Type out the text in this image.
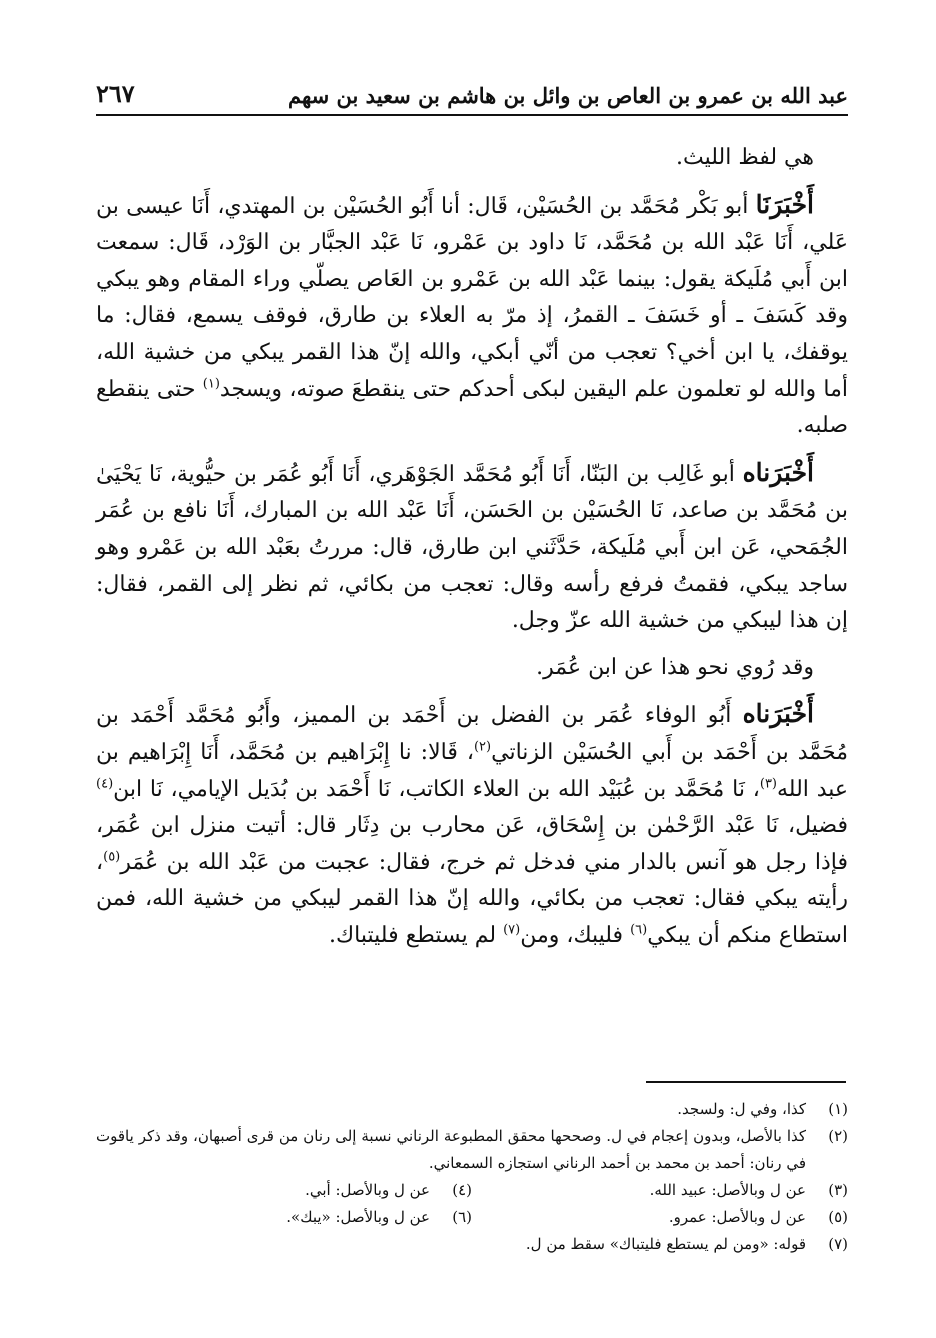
عبد الله بن عمرو بن العاص بن وائل بن هاشم بن سعيد بن سهم
٢٦٧

هي لفظ الليث.

أَخْبَرَنَا أبو بَكْر مُحَمَّد بن الحُسَيْن، قَال: أنا أَبُو الحُسَيْن بن المهتدي، أَنَا عيسى بن عَلي، أَنَا عَبْد الله بن مُحَمَّد، نَا داود بن عَمْرو، نَا عَبْد الجبَّار بن الوَرْد، قَال: سمعت ابن أَبي مُلَيكة يقول: بينما عَبْد الله بن عَمْرو بن العَاص يصلّي وراء المقام وهو يبكي وقد كَسَفَ ـ أو خَسَفَ ـ القمرُ، إذ مرّ به العلاء بن طارق، فوقف يسمع، فقال: ما يوقفك، يا ابن أخي؟ تعجب من أنّي أبكي، والله إنّ هذا القمر يبكي من خشية الله، أما والله لو تعلمون علم اليقين لبكى أحدكم حتى ينقطعَ صوته، ويسجد$^{(١)}$ حتى ينقطع صلبه.

أَخْبَرَناه أبو غَالِب بن البَنّا، أَنَا أَبُو مُحَمَّد الجَوْهَري، أَنَا أَبُو عُمَر بن حيُّوية، نَا يَحْيَىٰ بن مُحَمَّد بن صاعد، نَا الحُسَيْن بن الحَسَن، أَنَا عَبْد الله بن المبارك، أَنَا نافع بن عُمَر الجُمَحي، عَن ابن أَبي مُلَيكة، حَدَّثَني ابن طارق، قال: مررتُ بعَبْد الله بن عَمْرو وهو ساجد يبكي، فقمتُ فرفع رأسه وقال: تعجب من بكائي، ثم نظر إلى القمر، فقال: إن هذا ليبكي من خشية الله عزّ وجل.

وقد رُوي نحو هذا عن ابن عُمَر.

أَخْبَرَناه أَبُو الوفاء عُمَر بن الفضل بن أَحْمَد بن المميز، وأَبُو مُحَمَّد أَحْمَد بن مُحَمَّد بن أَحْمَد بن أَبي الحُسَيْن الزناتي$^{(٢)}$، قَالا: نا إِبْرَاهيم بن مُحَمَّد، أَنَا إِبْرَاهيم بن عبد الله$^{(٣)}$، نَا مُحَمَّد بن عُبَيْد الله بن العلاء الكاتب، نَا أَحْمَد بن بُدَيل الإيامي، نَا ابن$^{(٤)}$ فضيل، نَا عَبْد الرَّحْمٰن بن إِسْحَاق، عَن محارب بن دِثَار قال: أتيت منزل ابن عُمَر، فإذا رجل هو آنس بالدار مني فدخل ثم خرج، فقال: عجبت من عَبْد الله بن عُمَر$^{(٥)}$، رأيته يبكي فقال: تعجب من بكائي، والله إنّ هذا القمر ليبكي من خشية الله، فمن استطاع منكم أن يبكي$^{(٦)}$ فليبك، ومن$^{(٧)}$ لم يستطع فليتباك.

(١)
كذا، وفي ل: ولسجد.
(٢)
كذا بالأصل، وبدون إعجام في ل. وصححها محقق المطبوعة الرناني نسبة إلى رنان من قرى أصبهان، وقد ذكر ياقوت في رنان: أحمد بن محمد بن أحمد الرناني استجازه السمعاني.
(٣)
عن ل وبالأصل: عبيد الله.
(٤)
عن ل وبالأصل: أبي.
(٥)
عن ل وبالأصل: عمرو.
(٦)
عن ل وبالأصل: «يبك».
(٧)
قوله: «ومن لم يستطع فليتباك» سقط من ل.
